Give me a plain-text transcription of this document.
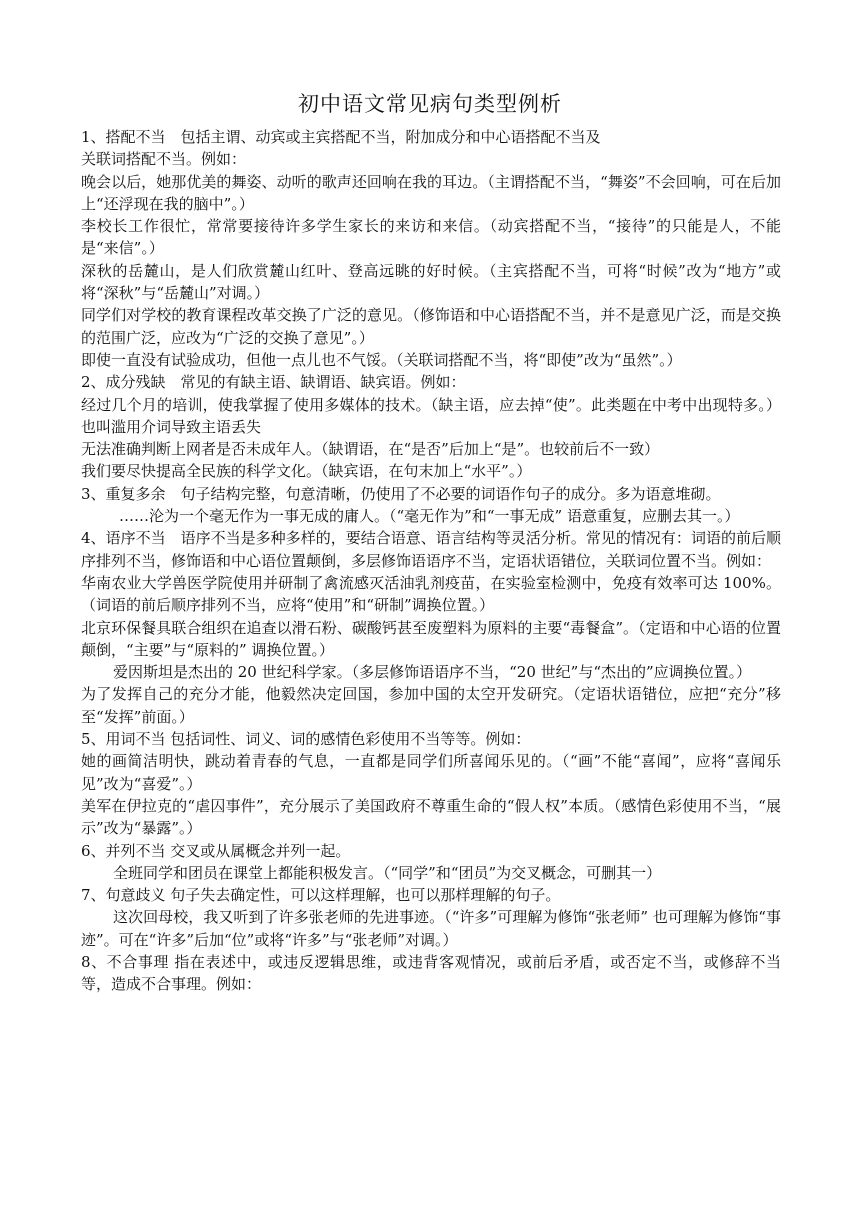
初中语文常见病句类型例析

1、搭配不当　包括主谓、动宾或主宾搭配不当，附加成分和中心语搭配不当及

关联词搭配不当。例如：

晚会以后，她那优美的舞姿、动听的歌声还回响在我的耳边。（主谓搭配不当，“舞姿”不会回响，可在后加上“还浮现在我的脑中”。）

李校长工作很忙，常常要接待许多学生家长的来访和来信。（动宾搭配不当，“接待”的只能是人，不能是“来信”。）

深秋的岳麓山，是人们欣赏麓山红叶、登高远眺的好时候。（主宾搭配不当，可将“时候”改为“地方”或将“深秋”与“岳麓山”对调。）

同学们对学校的教育课程改革交换了广泛的意见。（修饰语和中心语搭配不当，并不是意见广泛，而是交换的范围广泛，应改为“广泛的交换了意见”。）

即使一直没有试验成功，但他一点儿也不气馁。（关联词搭配不当，将“即使”改为“虽然”。）

2、成分残缺　常见的有缺主语、缺谓语、缺宾语。例如：

经过几个月的培训，使我掌握了使用多媒体的技术。（缺主语，应去掉“使”。此类题在中考中出现特多。）也叫滥用介词导致主语丢失

无法准确判断上网者是否未成年人。（缺谓语，在“是否”后加上“是”。也较前后不一致）

我们要尽快提高全民族的科学文化。（缺宾语，在句末加上“水平”。）

3、重复多余　句子结构完整，句意清晰，仍使用了不必要的词语作句子的成分。多为语意堆砌。

……沦为一个毫无作为一事无成的庸人。（“毫无作为”和“一事无成” 语意重复，应删去其一。）

4、语序不当　语序不当是多种多样的，要结合语意、语言结构等灵活分析。常见的情况有：词语的前后顺序排列不当，修饰语和中心语位置颠倒，多层修饰语语序不当，定语状语错位，关联词位置不当。例如：

华南农业大学兽医学院使用并研制了禽流感灭活油乳剂疫苗，在实验室检测中，免疫有效率可达 100%。（词语的前后顺序排列不当，应将“使用”和“研制”调换位置。）

北京环保餐具联合组织在追查以滑石粉、碳酸钙甚至废塑料为原料的主要“毒餐盒”。（定语和中心语的位置颠倒，“主要”与“原料的” 调换位置。）

爱因斯坦是杰出的 20 世纪科学家。（多层修饰语语序不当，“20 世纪”与“杰出的”应调换位置。）

为了发挥自己的充分才能，他毅然决定回国，参加中国的太空开发研究。（定语状语错位，应把“充分”移至“发挥”前面。）

5、用词不当 包括词性、词义、词的感情色彩使用不当等等。例如：

她的画简洁明快，跳动着青春的气息，一直都是同学们所喜闻乐见的。（“画”不能“喜闻”，应将“喜闻乐见”改为“喜爱”。）

美军在伊拉克的“虐囚事件”，充分展示了美国政府不尊重生命的“假人权”本质。（感情色彩使用不当，“展示”改为“暴露”。）

6、并列不当 交叉或从属概念并列一起。

全班同学和团员在课堂上都能积极发言。（“同学”和“团员”为交叉概念，可删其一）

7、句意歧义 句子失去确定性，可以这样理解，也可以那样理解的句子。

这次回母校，我又听到了许多张老师的先进事迹。（“许多”可理解为修饰“张老师” 也可理解为修饰“事迹”。可在“许多”后加“位”或将“许多”与“张老师”对调。）

8、不合事理 指在表述中，或违反逻辑思维，或违背客观情况，或前后矛盾，或否定不当，或修辞不当等，造成不合事理。例如：
